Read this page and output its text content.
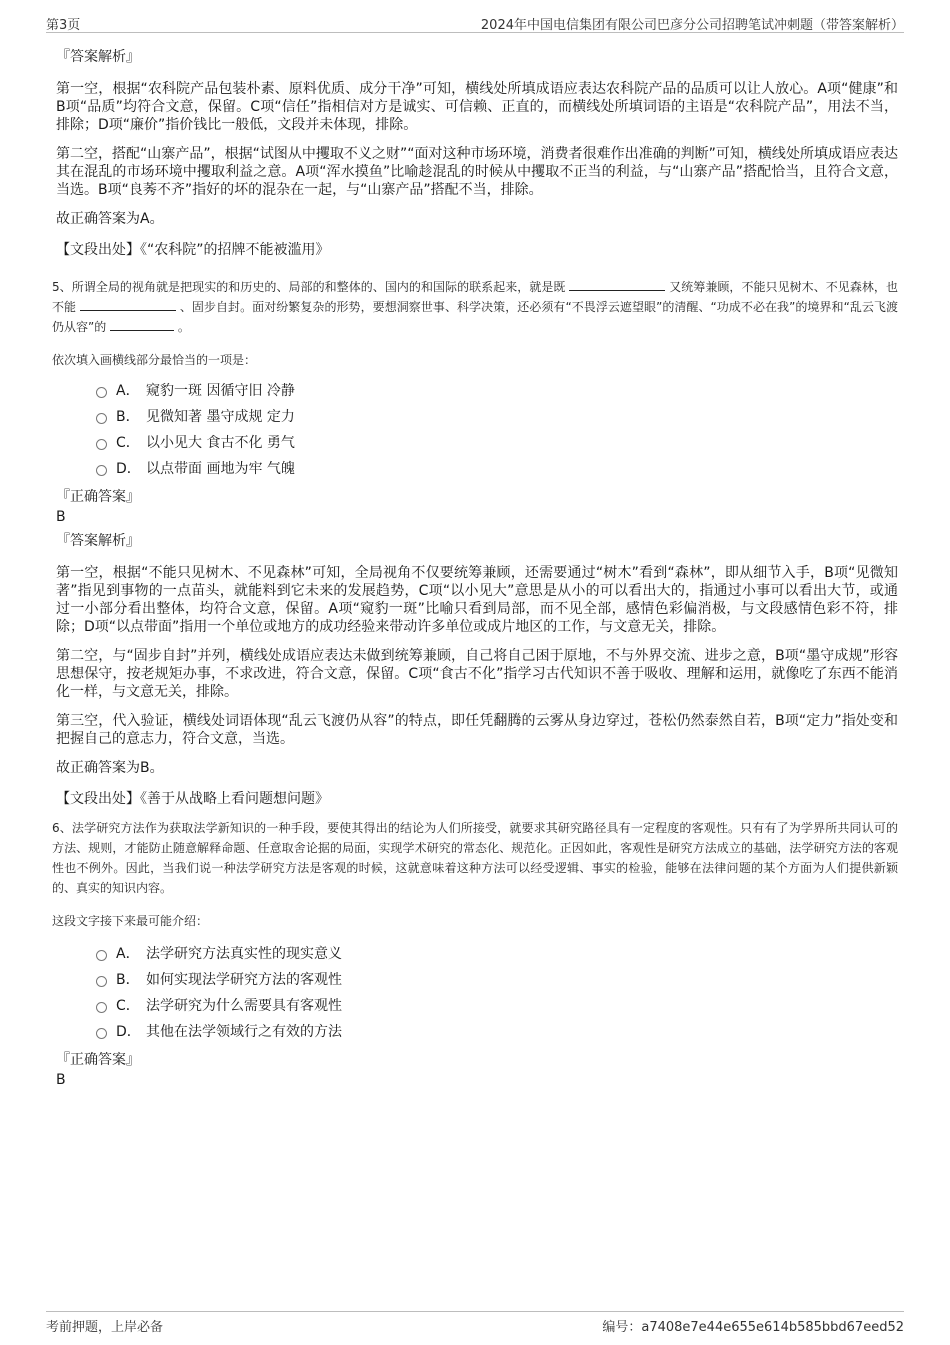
第3页	2024年中国电信集团有限公司巴彦分公司招聘笔试冲刺题（带答案解析）
『答案解析』

第一空，根据“农科院产品包装朴素、原料优质、成分干净”可知，横线处所填成语应表达农科院产品的品质可以让人放心。A项“健康”和B项“品质”均符合文意，保留。C项“信任”指相信对方是诚实、可信赖、正直的，而横线处所填词语的主语是“农科院产品”，用法不当，排除；D项“廉价”指价钱比一般低，文段并未体现，排除。

第二空，搭配“山寨产品”，根据“试图从中攫取不义之财”“面对这种市场环境，消费者很难作出准确的判断”可知，横线处所填成语应表达其在混乱的市场环境中攫取利益之意。A项“浑水摸鱼”比喻趁混乱的时候从中攫取不正当的利益，与“山寨产品”搭配恰当，且符合文意，当选。B项“良莠不齐”指好的坏的混杂在一起，与“山寨产品”搭配不当，排除。

故正确答案为A。

【文段出处】《“农科院”的招牌不能被滥用》
5、所谓全局的视角就是把现实的和历史的、局部的和整体的、国内的和国际的联系起来，就是既	又统筹兼顾，不能只见树木、不见森林，也不能	、固步自封。面对纷繁复杂的形势，要想洞察世事、科学决策，还必须有“不畏浮云遮望眼”的清醒、“功成不必在我”的境界和“乱云飞渡仍从容”的	。
依次填入画横线部分最恰当的一项是：
A． 窥豹一斑 因循守旧 冷静
B． 见微知著 墨守成规 定力
C． 以小见大 食古不化 勇气
D． 以点带面 画地为牢 气魄
『正确答案』
B
『答案解析』

第一空，根据“不能只见树木、不见森林”可知，全局视角不仅要统筹兼顾，还需要通过“树木”看到“森林”，即从细节入手，B项“见微知著”指见到事物的一点苗头，就能料到它未来的发展趋势，C项“以小见大”意思是从小的可以看出大的，指通过小事可以看出大节，或通过一小部分看出整体，均符合文意，保留。A项“窥豹一斑”比喻只看到局部，而不见全部，感情色彩偏消极，与文段感情色彩不符，排除；D项“以点带面”指用一个单位或地方的成功经验来带动许多单位或成片地区的工作，与文意无关，排除。

第二空，与“固步自封”并列，横线处成语应表达未做到统筹兼顾，自己将自己困于原地，不与外界交流、进步之意，B项“墨守成规”形容思想保守，按老规矩办事，不求改进，符合文意，保留。C项“食古不化”指学习古代知识不善于吸收、理解和运用，就像吃了东西不能消化一样，与文意无关，排除。

第三空，代入验证，横线处词语体现“乱云飞渡仍从容”的特点，即任凭翻腾的云雾从身边穿过，苍松仍然泰然自若，B项“定力”指处变和把握自己的意志力，符合文意，当选。

故正确答案为B。

【文段出处】《善于从战略上看问题想问题》
6、法学研究方法作为获取法学新知识的一种手段，要使其得出的结论为人们所接受，就要求其研究路径具有一定程度的客观性。只有有了为学界所共同认可的方法、规则，才能防止随意解释命题、任意取舍论据的局面，实现学术研究的常态化、规范化。正因如此，客观性是研究方法成立的基础，法学研究方法的客观性也不例外。因此，当我们说一种法学研究方法是客观的时候，这就意味着这种方法可以经受逻辑、事实的检验，能够在法律问题的某个方面为人们提供新颖的、真实的知识内容。
这段文字接下来最可能介绍：
A． 法学研究方法真实性的现实意义
B． 如何实现法学研究方法的客观性
C． 法学研究为什么需要具有客观性
D． 其他在法学领域行之有效的方法
『正确答案』
B
考前押题，上岸必备	编号：a7408e7e44e655e614b585bbd67eed52
